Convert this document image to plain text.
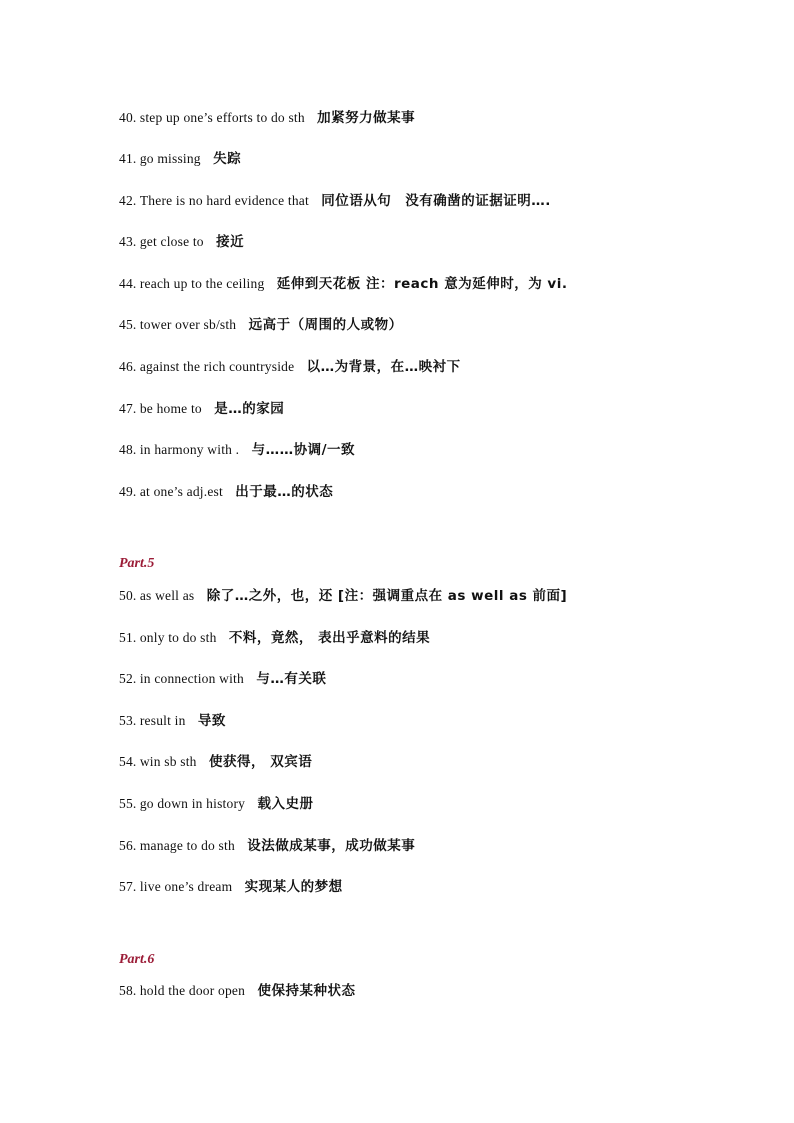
40. step up one’s efforts to do sth 加紧努力做某事
41. go missing 失踪
42. There is no hard evidence that 同位语从句　没有确凿的证据证明….
43. get close to 接近
44. reach up to the ceiling 延伸到天花板 注：reach 意为延伸时，为 vi.
45. tower over sb/sth 远高于（周围的人或物）
46. against the rich countryside 以…为背景，在…映衬下
47. be home to 是…的家园
48. in harmony with . 与……协调/一致
49. at one’s adj.est 出于最…的状态
Part.5
50. as well as 除了…之外，也，还 [注：强调重点在 as well as 前面]
51. only to do sth 不料，竟然， 表出乎意料的结果
52. in connection with 与…有关联
53. result in 导致
54. win sb sth 使获得， 双宾语
55. go down in history 载入史册
56. manage to do sth 设法做成某事，成功做某事
57. live one’s dream 实现某人的梦想
Part.6
58. hold the door open 使保持某种状态
